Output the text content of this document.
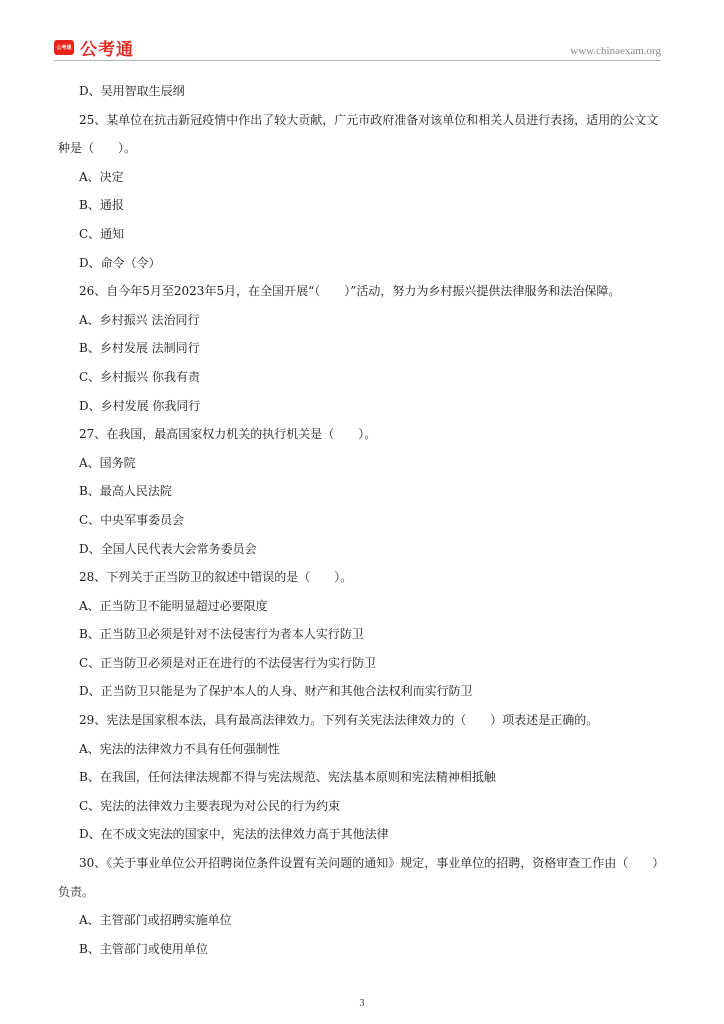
公考通 公考通	www.chinaexam.org
D、吴用智取生辰纲
25、某单位在抗击新冠疫情中作出了较大贡献，广元市政府准备对该单位和相关人员进行表扬，适用的公文文种是（　　）。
A、决定
B、通报
C、通知
D、命令（令）
26、自今年5月至2023年5月，在全国开展“（　　）”活动，努力为乡村振兴提供法律服务和法治保障。
A、乡村振兴 法治同行
B、乡村发展 法制同行
C、乡村振兴 你我有责
D、乡村发展 你我同行
27、在我国，最高国家权力机关的执行机关是（　　）。
A、国务院
B、最高人民法院
C、中央军事委员会
D、全国人民代表大会常务委员会
28、下列关于正当防卫的叙述中错误的是（　　）。
A、正当防卫不能明显超过必要限度
B、正当防卫必须是针对不法侵害行为者本人实行防卫
C、正当防卫必须是对正在进行的不法侵害行为实行防卫
D、正当防卫只能是为了保护本人的人身、财产和其他合法权利而实行防卫
29、宪法是国家根本法，具有最高法律效力。下列有关宪法法律效力的（　　）项表述是正确的。
A、宪法的法律效力不具有任何强制性
B、在我国，任何法律法规都不得与宪法规范、宪法基本原则和宪法精神相抵触
C、宪法的法律效力主要表现为对公民的行为约束
D、在不成文宪法的国家中，宪法的法律效力高于其他法律
30、《关于事业单位公开招聘岗位条件设置有关问题的通知》规定，事业单位的招聘，资格审查工作由（　　）负责。
A、主管部门或招聘实施单位
B、主管部门或使用单位
3
